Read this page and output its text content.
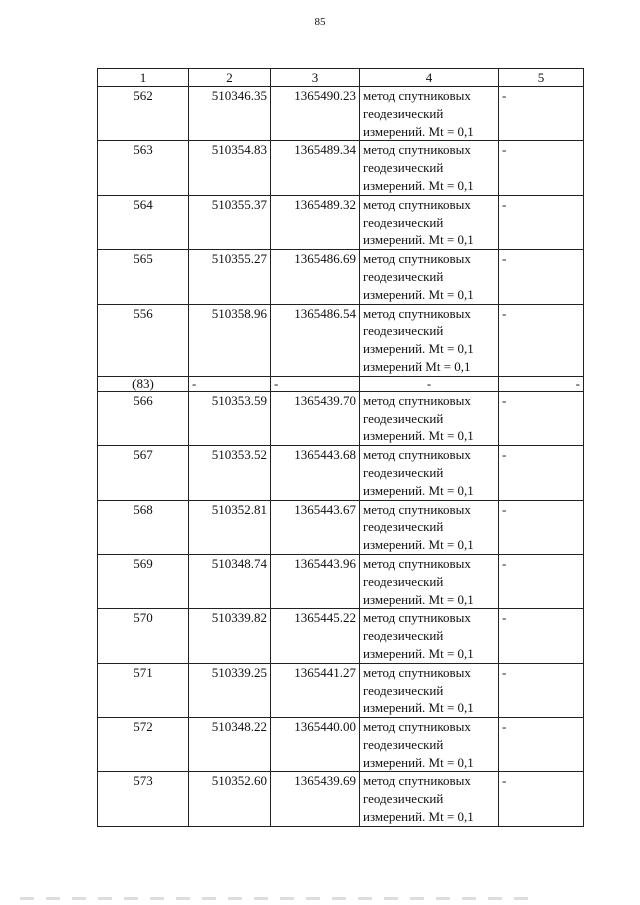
85
1	2	3	4	5
562	510346.35	1365490.23	метод спутниковых
геодезический
измерений. Mt = 0,1	-
563	510354.83	1365489.34	метод спутниковых
геодезический
измерений. Mt = 0,1	-
564	510355.37	1365489.32	метод спутниковых
геодезический
измерений. Mt = 0,1	-
565	510355.27	1365486.69	метод спутниковых
геодезический
измерений. Mt = 0,1	-
556	510358.96	1365486.54	метод спутниковых
геодезический
измерений. Mt = 0,1
измерений Mt = 0,1	-
(83)	-	-	-	-
566	510353.59	1365439.70	метод спутниковых
геодезический
измерений. Mt = 0,1	-
567	510353.52	1365443.68	метод спутниковых
геодезический
измерений. Mt = 0,1	-
568	510352.81	1365443.67	метод спутниковых
геодезический
измерений. Mt = 0,1	-
569	510348.74	1365443.96	метод спутниковых
геодезический
измерений. Mt = 0,1	-
570	510339.82	1365445.22	метод спутниковых
геодезический
измерений. Mt = 0,1	-
571	510339.25	1365441.27	метод спутниковых
геодезический
измерений. Mt = 0,1	-
572	510348.22	1365440.00	метод спутниковых
геодезический
измерений. Mt = 0,1	-
573	510352.60	1365439.69	метод спутниковых
геодезический
измерений. Mt = 0,1	-
